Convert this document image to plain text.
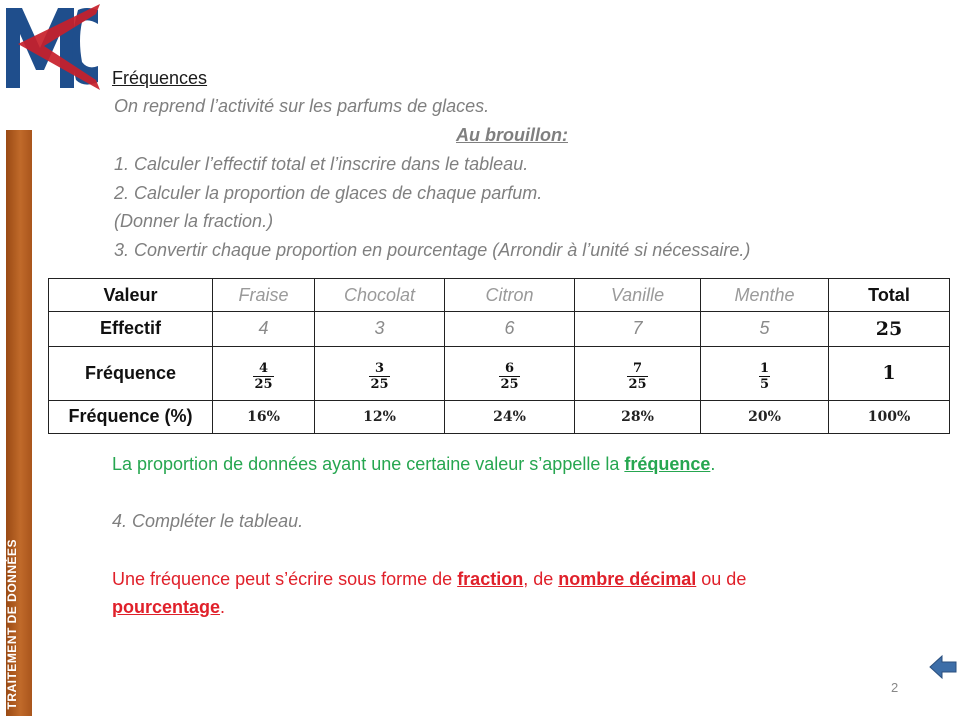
TRAITEMENT DE DONNÉES
Fréquences
On reprend l’activité sur les parfums de glaces.
Au brouillon:
1. Calculer l’effectif total et l’inscrire dans le tableau.
2. Calculer la proportion de glaces de chaque parfum.
(Donner la fraction.)
3. Convertir chaque proportion en pourcentage (Arrondir à l’unité si nécessaire.)
Valeur	Fraise	Chocolat	Citron	Vanille	Menthe	Total
Effectif	4	3	6	7	5	25
Fréquence	$\frac{4}{25}$	$\frac{3}{25}$	$\frac{6}{25}$	$\frac{7}{25}$	$\frac{1}{5}$	1
Fréquence (%)	16%	12%	24%	28%	20%	100%
La proportion de données ayant une certaine valeur s’appelle la fréquence.
4. Compléter le tableau.
Une fréquence peut s’écrire sous forme de fraction, de nombre décimal ou de
pourcentage.
2
